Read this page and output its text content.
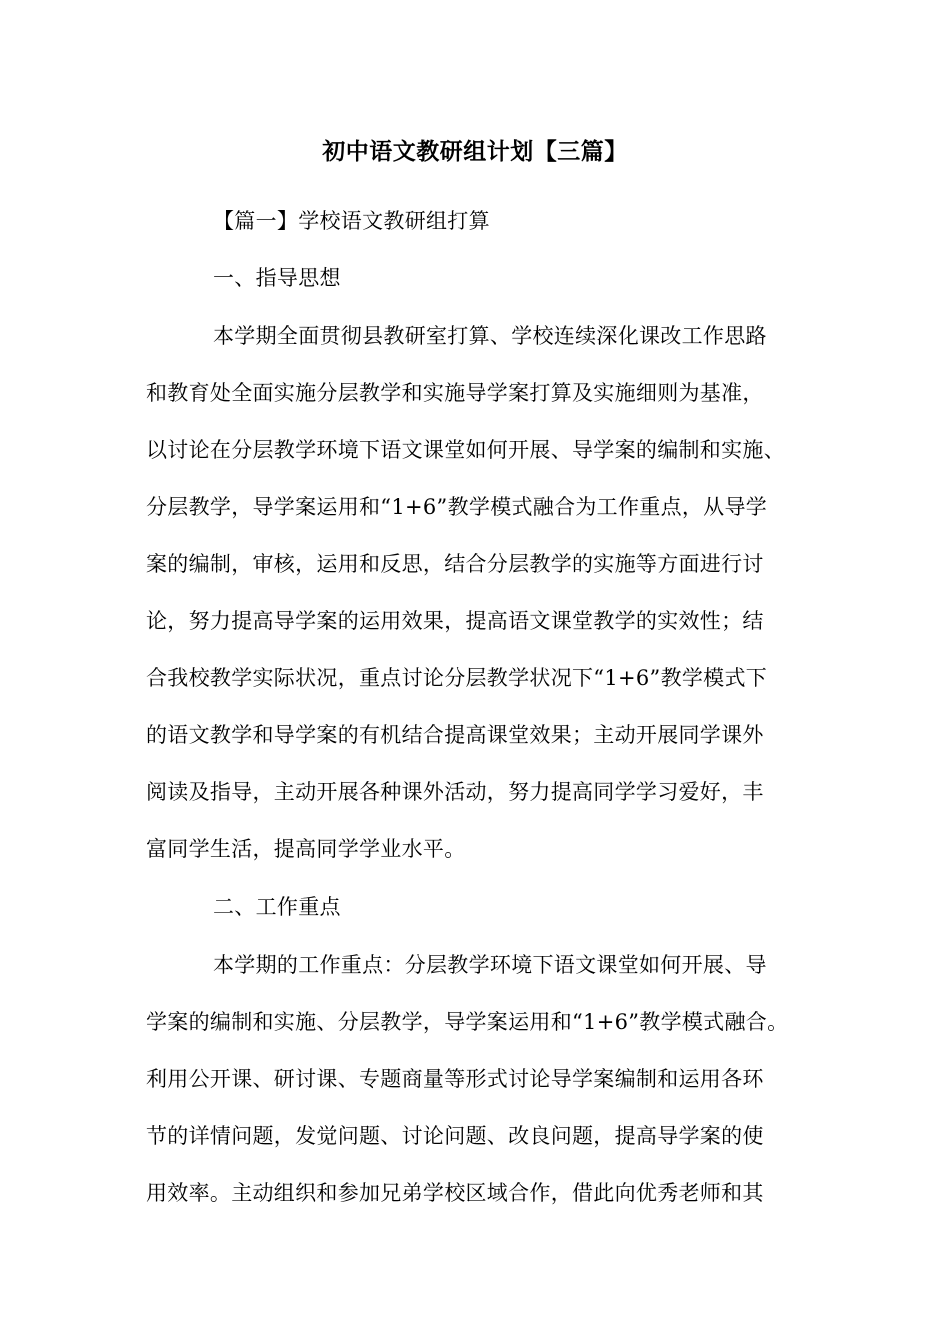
初中语文教研组计划【三篇】
【篇一】学校语文教研组打算
一、指导思想
本学期全面贯彻县教研室打算、学校连续深化课改工作思路
和教育处全面实施分层教学和实施导学案打算及实施细则为基准，
以讨论在分层教学环境下语文课堂如何开展、导学案的编制和实施、
分层教学，导学案运用和“1+6”教学模式融合为工作重点，从导学
案的编制，审核，运用和反思，结合分层教学的实施等方面进行讨
论，努力提高导学案的运用效果，提高语文课堂教学的实效性；结
合我校教学实际状况，重点讨论分层教学状况下“1+6”教学模式下
的语文教学和导学案的有机结合提高课堂效果；主动开展同学课外
阅读及指导，主动开展各种课外活动，努力提高同学学习爱好，丰
富同学生活，提高同学学业水平。
二、工作重点
本学期的工作重点：分层教学环境下语文课堂如何开展、导
学案的编制和实施、分层教学，导学案运用和“1+6”教学模式融合。
利用公开课、研讨课、专题商量等形式讨论导学案编制和运用各环
节的详情问题，发觉问题、讨论问题、改良问题，提高导学案的使
用效率。主动组织和参加兄弟学校区域合作，借此向优秀老师和其
